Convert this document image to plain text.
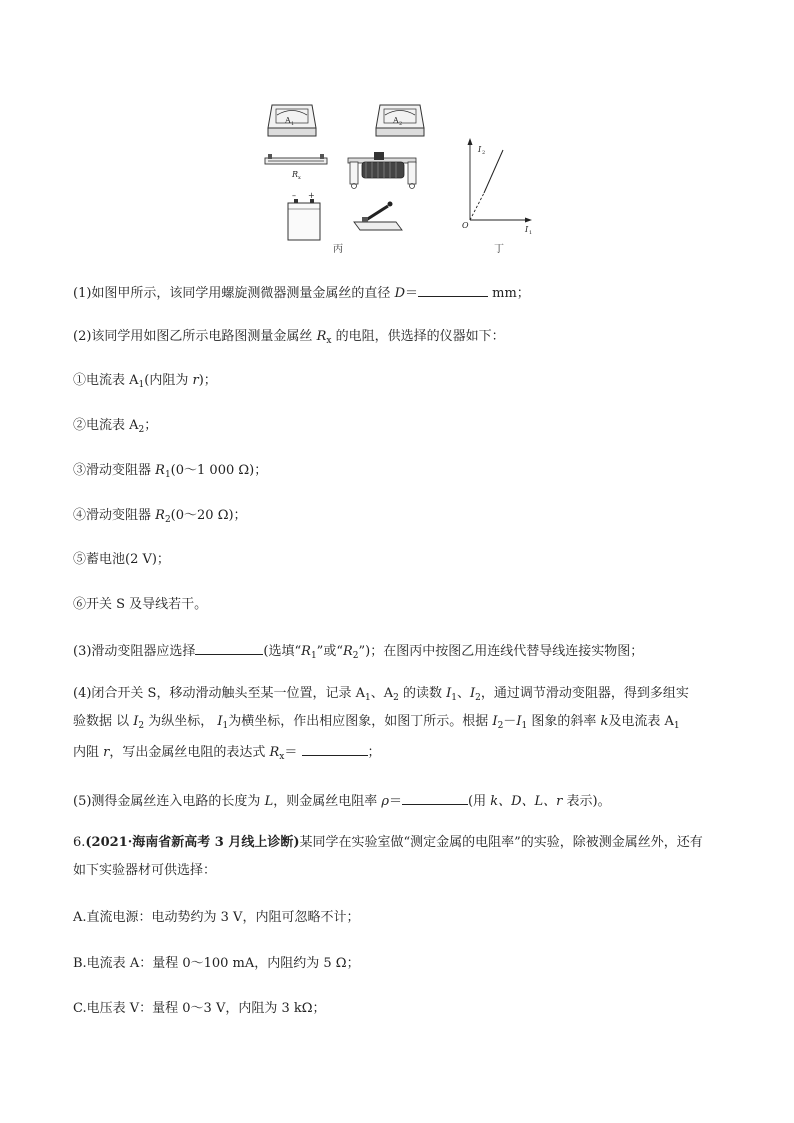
A 1	A 2
R x
– +
丙
I 2
I 1
O
丁
(1)如图甲所示，该同学用螺旋测微器测量金属丝的直径 D＝	mm；
(2)该同学用如图乙所示电路图测量金属丝 $R_x$ 的电阻，供选择的仪器如下：
①电流表 $A_1$(内阻为 r)；
②电流表 $A_2$；
③滑动变阻器 $R_1(0\sim 1$ 000 Ω)；
④滑动变阻器 $R_2(0\sim 20$ Ω)；
⑤蓄电池(2 V)；
⑥开关 S 及导线若干。
(3)滑动变阻器应选择	(选填“$R_1$”或“$R_2$”)；在图丙中按图乙用连线代替导线连接实物图；
(4)闭合开关 S，移动滑动触头至某一位置，记录 $A_1$、$A_2$ 的读数 $I_1$、$I_2$，通过调节滑动变阻器，得到多组实
验数据 以 $I_2$ 为纵坐标， $I_1$为横坐标，作出相应图象，如图丁所示。根据 $I_2-I_1$ 图象的斜率 k及电流表 $A_1$
内阻 r，写出金属丝电阻的表达式 $R_x=$	；
(5)测得金属丝连入电路的长度为 L，则金属丝电阻率 ρ＝	(用 k、D、L、r 表示)。
6.(2021·海南省新高考 3 月线上诊断)某同学在实验室做“测定金属的电阻率”的实验，除被测金属丝外，还有
如下实验器材可供选择：
A.直流电源：电动势约为 3 V，内阻可忽略不计；
B.电流表 A：量程 0～100 mA，内阻约为 5 Ω；
C.电压表 V：量程 0～3 V，内阻为 3 kΩ；
